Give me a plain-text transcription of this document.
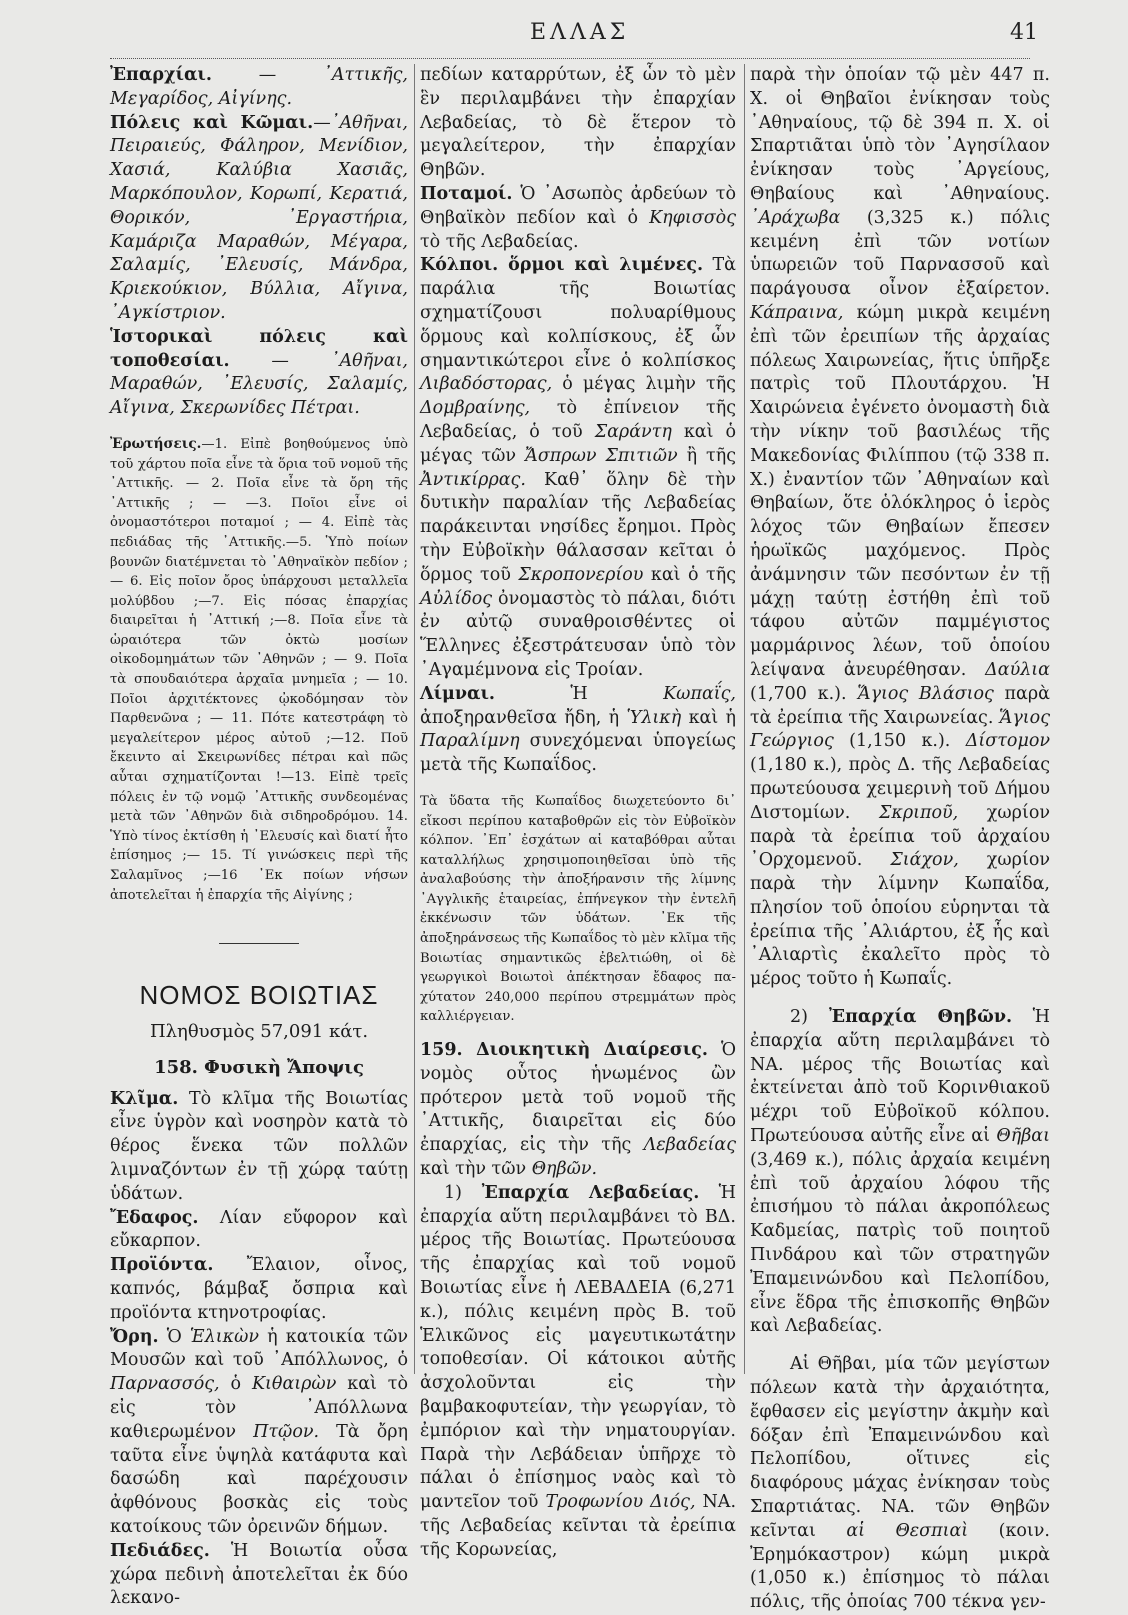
ΕΛΛΑΣ	41

Ἐπαρχίαι. — ᾽Αττικῆς, Μεγαρίδος, Αἰγίνης.

Πόλεις καὶ Κῶμαι.—᾽Αθῆναι, Πειραιεύς, Φάληρον, Μενίδιον, Χασιά, Καλύβια Χασιᾶς, Μαρκόπουλον, Κορωπί, Κερατιά, Θορικόν, ᾽Εργαστήρια, Καμάριζα Μαραθών, Μέγαρα, Σαλαμίς, ᾽Ελευσίς, Μάνδρα, Κριεκούκιον, Βύλλια, Αἴγινα, ᾽Αγκίστριον.

Ἱστορικαὶ πόλεις καὶ τοποθεσίαι. — ᾽Αθῆναι, Μαραθών, ᾽Ελευσίς, Σαλαμίς, Αἴγινα, Σκερωνίδες Πέτραι.

Ἐρωτήσεις.—1. Εἰπὲ βοηθούμενος ὑπὸ τοῦ χάρτου ποῖα εἶνε τὰ ὅρια τοῦ νομοῦ τῆς ᾽Αττικῆς. — 2. Ποῖα εἶνε τὰ ὄρη τῆς ᾽Αττικῆς ; — —3. Ποῖοι εἶνε οἱ ὀνομαστότεροι ποταμοί ; — 4. Εἰπὲ τὰς πεδιάδας τῆς ᾽Αττικῆς.—5. Ὑπὸ ποίων βουνῶν διατέμνεται τὸ ᾽Αθηναϊκὸν πεδίον ;— 6. Εἰς ποῖον ὄρος ὑπάρχουσι μεταλλεῖα μολύβδου ;—7. Εἰς πόσας ἐπαρχίας διαιρεῖται ἡ ᾽Αττική ;—8. Ποῖα εἶνε τὰ ὡραιότερα τῶν ὀκτὼ μοσίων οἰκοδομημάτων τῶν ᾽Αθηνῶν ; — 9. Ποῖα τὰ σπουδαιότερα ἀρχαῖα μνημεῖα ; — 10. Ποῖοι ἀρχιτέκτονες ᾠκοδόμησαν τὸν Παρθενῶνα ; — 11. Πότε κατεστράφη τὸ μεγαλείτερον μέρος αὐτοῦ ;—12. Ποῦ ἔκειντο αἱ Σκειρωνίδες πέτραι καὶ πῶς αὗται σχηματίζονται !—13. Εἰπὲ τρεῖς πόλεις ἐν τῷ νομῷ ᾽Αττικῆς συνδεομένας μετὰ τῶν ᾽Αθηνῶν διὰ σιδηροδρόμου. 14. Ὑπὸ τίνος ἐκτίσθη ἡ ᾽Ελευσίς καὶ διατί ἦτο ἐπίσημος ;— 15. Τί γινώσκεις περὶ τῆς Σαλαμῖνος ;—16 ᾽Εκ ποίων νήσων ἀποτελεῖται ἡ ἐπαρχία τῆς Αἰγίνης ;

ΝΟΜΟΣ ΒΟΙΩΤΙΑΣ

Πληθυσμὸς 57,091 κάτ.

158. Φυσικὴ Ἄποψις

Κλῖμα. Τὸ κλῖμα τῆς Βοιωτίας εἶνε ὑγρὸν καὶ νοσηρὸν κατὰ τὸ θέρος ἕνεκα τῶν πολλῶν λιμναζόντων ἐν τῇ χώρᾳ ταύτῃ ὑδάτων.

Ἔδαφος. Λίαν εὔφορον καὶ εὔκαρπον.

Προϊόντα. Ἔλαιον, οἶνος, καπνός, βάμβαξ ὄσπρια καὶ προϊόντα κτηνοτροφίας.

Ὄρη. Ὁ Ἑλικὼν ἡ κατοικία τῶν Μουσῶν καὶ τοῦ ᾽Απόλλωνος, ὁ Παρνασσός, ὁ Κιθαιρὼν καὶ τὸ εἰς τὸν ᾽Απόλλωνα καθιερωμένον Πτῷον. Τὰ ὄρη ταῦτα εἶνε ὑψηλὰ κατάφυτα καὶ δασώδη καὶ παρέχουσιν ἀφθόνους βοσκὰς εἰς τοὺς κατοίκους τῶν ὀρεινῶν δήμων.

Πεδιάδες. Ἡ Βοιωτία οὖσα χώρα πεδινὴ ἀποτελεῖται ἐκ δύο λεκανο-

πεδίων καταρρύτων, ἐξ ὧν τὸ μὲν ἓν περιλαμβάνει τὴν ἐπαρχίαν Λεβαδείας, τὸ δὲ ἕτερον τὸ μεγαλείτερον, τὴν ἐπαρχίαν Θηβῶν.

Ποταμοί. Ὁ ᾽Ασωπὸς ἀρδεύων τὸ Θηβαϊκὸν πεδίον καὶ ὁ Κηφισσὸς τὸ τῆς Λεβαδείας.

Κόλποι. ὅρμοι καὶ λιμένες. Τὰ παράλια τῆς Βοιωτίας σχηματίζουσι πολυαρίθμους ὅρμους καὶ κολπίσκους, ἐξ ὧν σημαντικώτεροι εἶνε ὁ κολπίσκος Λιβαδόστορας, ὁ μέγας λιμὴν τῆς Δομβραίνης, τὸ ἐπίνειον τῆς Λεβαδείας, ὁ τοῦ Σαράντη καὶ ὁ μέγας τῶν Ἄσπρων Σπιτιῶν ἢ τῆς Ἀντικίρρας. Καθ᾽ ὅλην δὲ τὴν δυτικὴν παραλίαν τῆς Λεβαδείας παράκεινται νησίδες ἔρημοι. Πρὸς τὴν Εὐβοϊκὴν θάλασσαν κεῖται ὁ ὅρμος τοῦ Σκροπονερίου καὶ ὁ τῆς Αὐλίδος ὀνομαστὸς τὸ πάλαι, διότι ἐν αὐτῷ συναθροισθέντες οἱ Ἕλληνες ἐξεστράτευσαν ὑπὸ τὸν ᾽Αγαμέμνονα εἰς Τροίαν.

Λίμναι. Ἡ Κωπαΐς, ἀποξηρανθεῖσα ἤδη, ἡ Ὑλικὴ καὶ ἡ Παραλίμνη συνεχόμεναι ὑπογείως μετὰ τῆς Κωπαΐδος.

Τὰ ὕδατα τῆς Κωπαΐδος διωχετεύοντο δι᾽ εἴκοσι περίπου καταβοθρῶν εἰς τὸν Εὐβοϊκὸν κόλπον. ᾽Επ᾽ ἐσχάτων αἱ καταβόθραι αὗται καταλλήλως χρησιμοποιηθεῖσαι ὑπὸ τῆς ἀναλαβούσης τὴν ἀποξήρανσιν τῆς λίμνης ᾽Αγγλικῆς ἑταιρείας, ἐπήνεγκον τὴν ἐντελῆ ἐκκένωσιν τῶν ὑδάτων. ᾽Εκ τῆς ἀποξηράνσεως τῆς Κωπαΐδος τὸ μὲν κλῖμα τῆς Βοιωτίας σημαντικῶς ἐβελτιώθη, οἱ δὲ γεωργικοὶ Βοιωτοὶ ἀπέκτησαν ἔδαφος πα- χύτατον 240,000 περίπου στρεμμάτων πρὸς καλλιέργειαν.

159. Διοικητικὴ Διαίρεσις. Ὁ νομὸς οὗτος ἡνωμένος ὢν πρότερον μετὰ τοῦ νομοῦ τῆς ᾽Αττικῆς, διαιρεῖται εἰς δύο ἐπαρχίας, εἰς τὴν τῆς Λεβαδείας καὶ τὴν τῶν Θηβῶν.

1) Ἐπαρχία Λεβαδείας. Ἡ ἐπαρχία αὕτη περιλαμβάνει τὸ ΒΔ. μέρος τῆς Βοιωτίας. Πρωτεύουσα τῆς ἐπαρχίας καὶ τοῦ νομοῦ Βοιωτίας εἶνε ἡ ΛΕΒΑΔΕΙΑ (6,271 κ.), πόλις κειμένη πρὸς Β. τοῦ Ἑλικῶνος εἰς μαγευτικωτάτην τοποθεσίαν. Οἱ κάτοικοι αὐτῆς ἀσχολοῦνται εἰς τὴν βαμβακοφυτείαν, τὴν γεωργίαν, τὸ ἐμπόριον καὶ τὴν νηματουργίαν. Παρὰ τὴν Λεβάδειαν ὑπῆρχε τὸ πάλαι ὁ ἐπίσημος ναὸς καὶ τὸ μαντεῖον τοῦ Τροφωνίου Διός, ΝΑ. τῆς Λεβαδείας κεῖνται τὰ ἐρείπια τῆς Κορωνείας,

παρὰ τὴν ὁποίαν τῷ μὲν 447 π. Χ. οἱ Θηβαῖοι ἐνίκησαν τοὺς ᾽Αθηναίους, τῷ δὲ 394 π. Χ. οἱ Σπαρτιᾶται ὑπὸ τὸν ᾽Αγησίλαον ἐνίκησαν τοὺς ᾽Αργείους, Θηβαίους καὶ ᾽Αθηναίους. ᾽Αράχωβα (3,325 κ.) πόλις κειμένη ἐπὶ τῶν νοτίων ὑπωρειῶν τοῦ Παρνασσοῦ καὶ παράγουσα οἶνον ἐξαίρετον. Κάπραινα, κώμη μικρὰ κειμένη ἐπὶ τῶν ἐρειπίων τῆς ἀρχαίας πόλεως Χαιρωνείας, ἥτις ὑπῆρξε πατρὶς τοῦ Πλουτάρχου. Ἡ Χαιρώνεια ἐγένετο ὀνομαστὴ διὰ τὴν νίκην τοῦ βασιλέως τῆς Μακεδονίας Φιλίππου (τῷ 338 π. Χ.) ἐναντίον τῶν ᾽Αθηναίων καὶ Θηβαίων, ὅτε ὁλόκληρος ὁ ἱερὸς λόχος τῶν Θηβαίων ἔπεσεν ἡρωϊκῶς μαχόμενος. Πρὸς ἀνάμνησιν τῶν πεσόντων ἐν τῇ μάχῃ ταύτῃ ἐστήθη ἐπὶ τοῦ τάφου αὐτῶν παμμέγιστος μαρμάρινος λέων, τοῦ ὁποίου λείψανα ἀνευρέθησαν. Δαύλια (1,700 κ.). Ἅγιος Βλάσιος παρὰ τὰ ἐρείπια τῆς Χαιρωνείας. Ἅγιος Γεώργιος (1,150 κ.). Δίστομον (1,180 κ.), πρὸς Δ. τῆς Λεβαδείας πρωτεύουσα χειμερινὴ τοῦ Δήμου Διστομίων. Σκριποῦ, χωρίον παρὰ τὰ ἐρείπια τοῦ ἀρχαίου ᾽Ορχομενοῦ. Σιάχον, χωρίον παρὰ τὴν λίμνην Κωπαΐδα, πλησίον τοῦ ὁποίου εὑρηνται τὰ ἐρείπια τῆς ᾽Αλιάρτου, ἐξ ἧς καὶ ᾽Αλιαρτὶς ἐκαλεῖτο πρὸς τὸ μέρος τοῦτο ἡ Κωπαΐς.

2) Ἐπαρχία Θηβῶν. Ἡ ἐπαρχία αὕτη περιλαμβάνει τὸ ΝΑ. μέρος τῆς Βοιωτίας καὶ ἐκτείνεται ἀπὸ τοῦ Κορινθιακοῦ μέχρι τοῦ Εὐβοϊκοῦ κόλπου. Πρωτεύουσα αὐτῆς εἶνε αἱ Θῆβαι (3,469 κ.), πόλις ἀρχαία κειμένη ἐπὶ τοῦ ἀρχαίου λόφου τῆς ἐπισήμου τὸ πάλαι ἀκροπόλεως Καδμείας, πατρὶς τοῦ ποιητοῦ Πινδάρου καὶ τῶν στρατηγῶν Ἐπαμεινώνδου καὶ Πελοπίδου, εἶνε ἕδρα τῆς ἐπισκοπῆς Θηβῶν καὶ Λεβαδείας.

Αἱ Θῆβαι, μία τῶν μεγίστων πόλεων κατὰ τὴν ἀρχαιότητα, ἔφθασεν εἰς μεγίστην ἀκμὴν καὶ δόξαν ἐπὶ Ἐπαμεινώνδου καὶ Πελοπίδου, οἵτινες εἰς διαφόρους μάχας ἐνίκησαν τοὺς Σπαρτιάτας. ΝΑ. τῶν Θηβῶν κεῖνται αἱ Θεσπιαὶ (κοιν. Ἐρημόκαστρον) κώμη μικρὰ (1,050 κ.) ἐπίσημος τὸ πάλαι πόλις, τῆς ὁποίας 700 τέκνα γεν-
